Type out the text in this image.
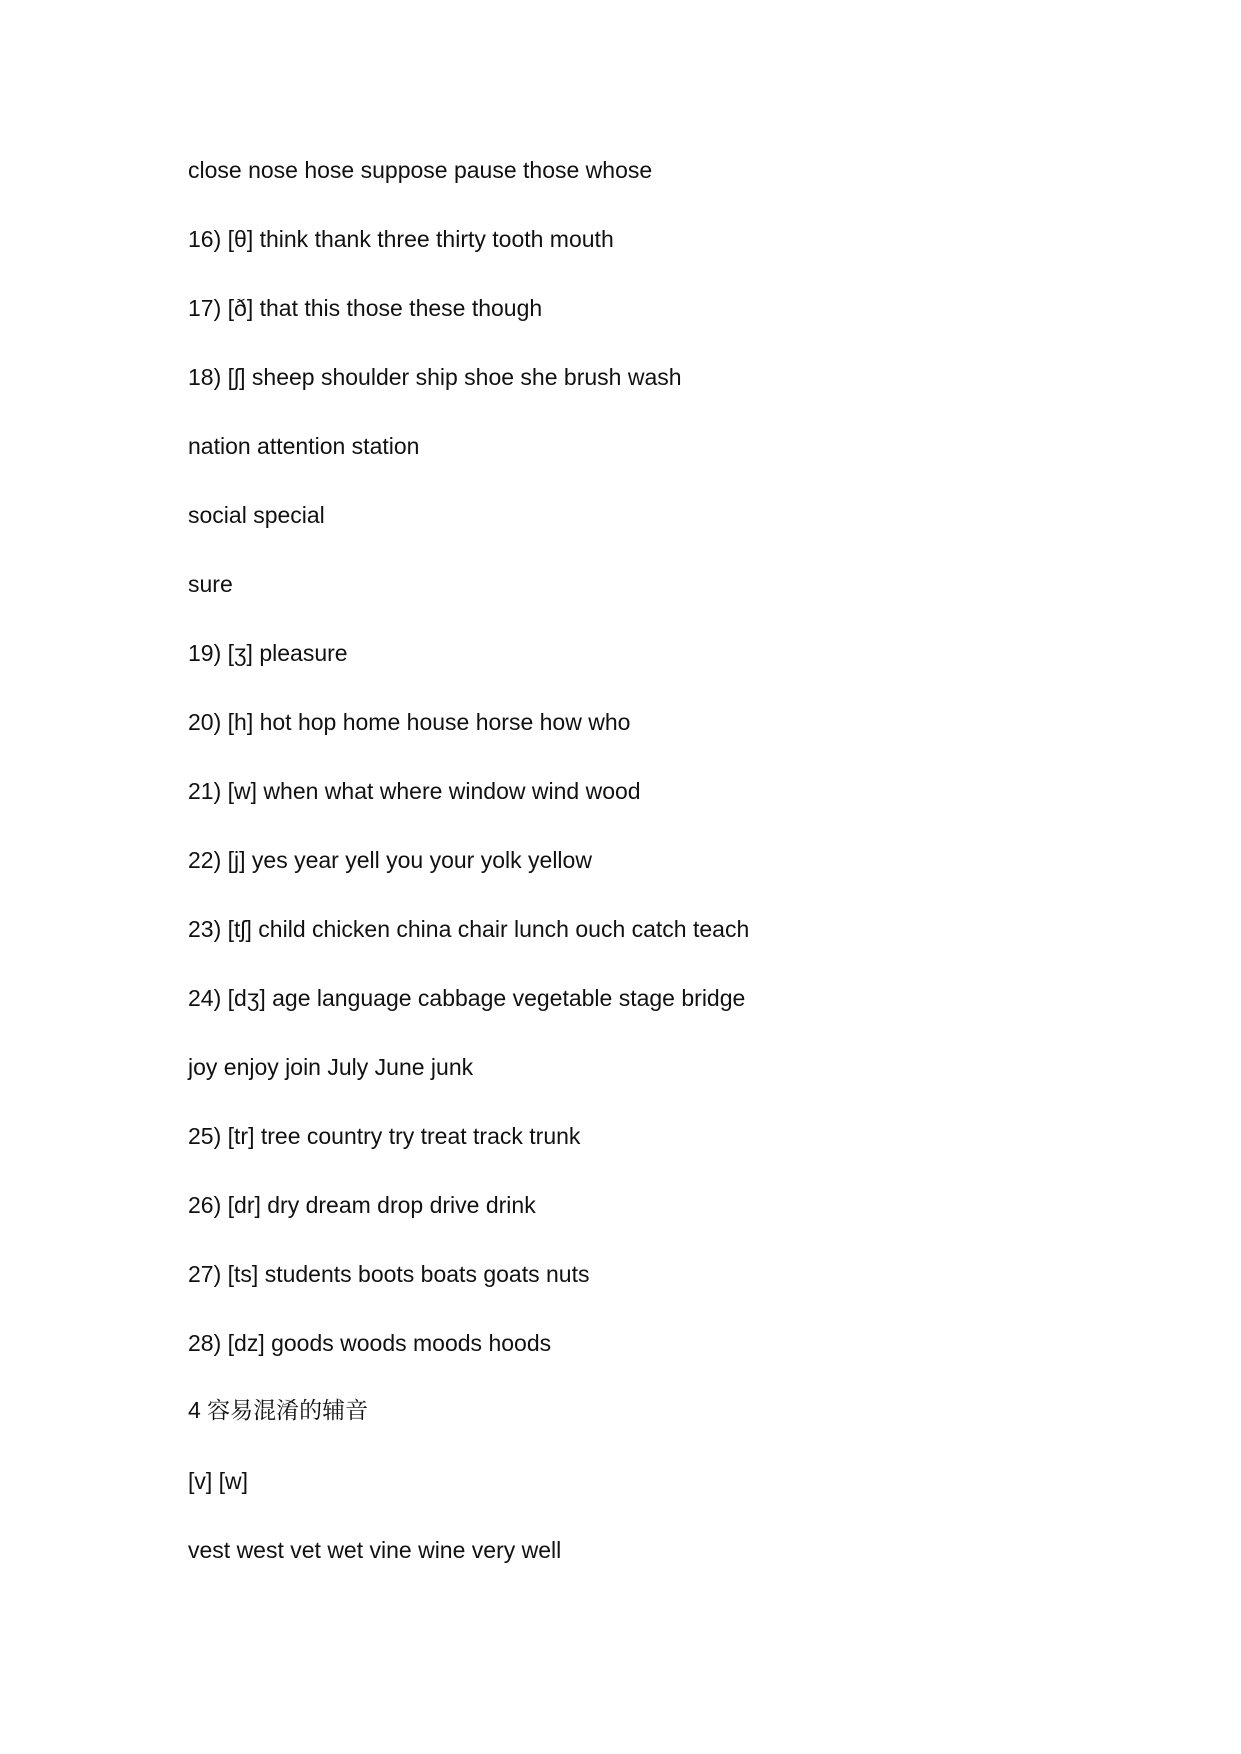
close nose hose suppose pause those whose
16) [θ] think thank three thirty tooth mouth
17) [ð] that this those these though
18) [ʃ] sheep shoulder ship shoe she brush wash
nation attention station
social special
sure
19) [ʒ] pleasure
20) [h] hot hop home house horse how who
21) [w] when what where window wind wood
22) [j] yes year yell you your yolk yellow
23) [tʃ] child chicken china chair lunch ouch catch teach
24) [dʒ] age language cabbage vegetable stage bridge
joy enjoy join July June junk
25) [tr] tree country try treat track trunk
26) [dr] dry dream drop drive drink
27) [ts] students boots boats goats nuts
28) [dz] goods woods moods hoods
4 容易混淆的辅音
[v] [w]
vest west vet wet vine wine very well
